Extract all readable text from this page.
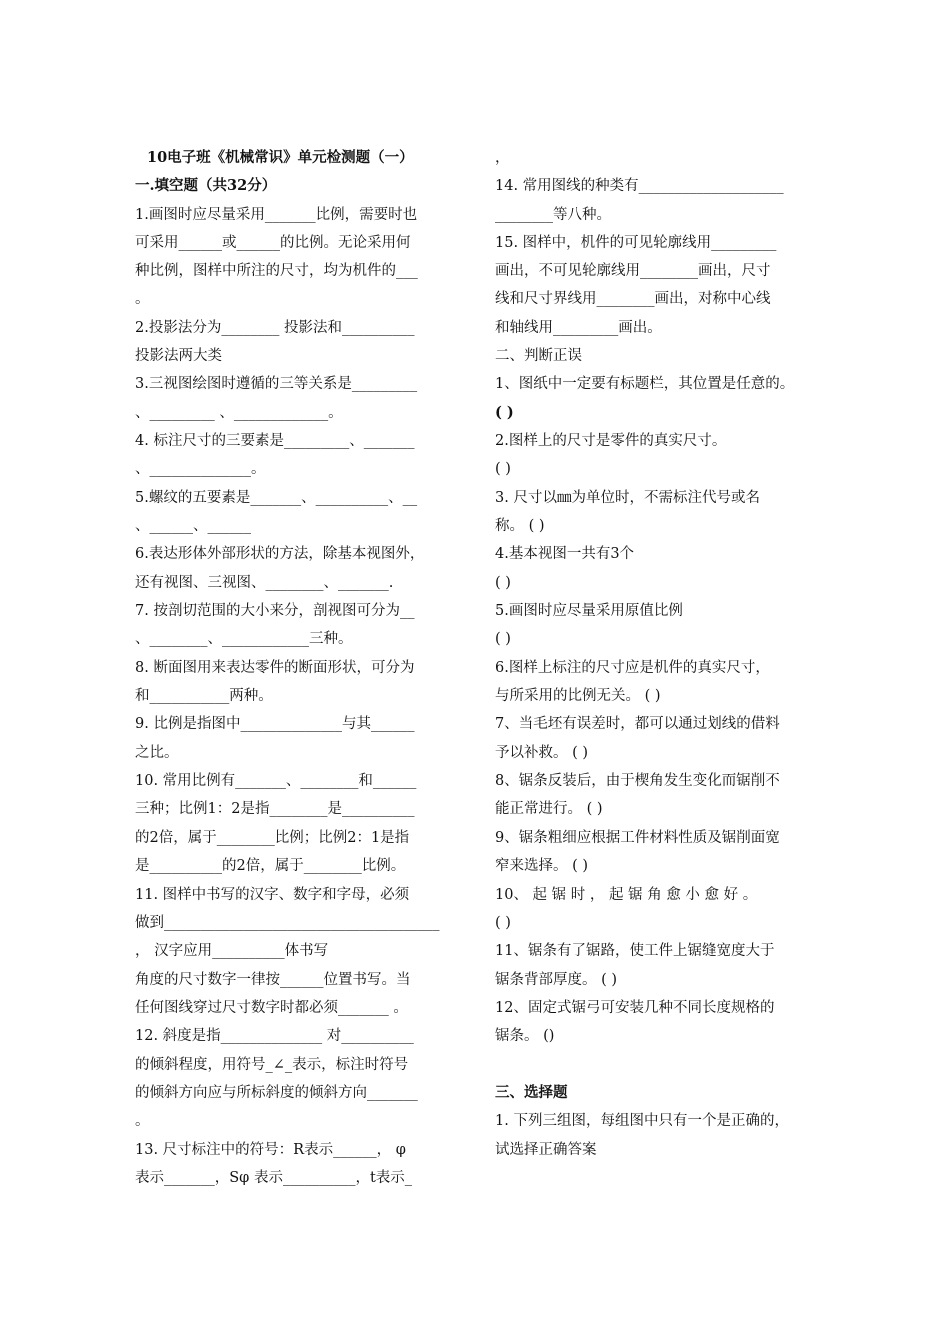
10电子班《机械常识》单元检测题（一）
一.填空题（共32分）
1.画图时应尽量采用_______比例，需要时也
可采用______或______的比例。无论采用何
种比例，图样中所注的尺寸，均为机件的___
。
2.投影法分为________ 投影法和__________
投影法两大类
3.三视图绘图时遵循的三等关系是_________
、_________ 、_____________。
4. 标注尺寸的三要素是_________、_______
、______________。
5.螺纹的五要素是_______、__________、__
、______、______
6.表达形体外部形状的方法，除基本视图外，
还有视图、三视图、________、_______.
7. 按剖切范围的大小来分，剖视图可分为__
、________、____________三种。
8. 断面图用来表达零件的断面形状，可分为
和___________两种。
9. 比例是指图中______________与其______
之比。
10. 常用比例有_______、________和______
三种；比例1：2是指________是__________
的2倍，属于________比例；比例2：1是指
是__________的2倍，属于________比例。
11. 图样中书写的汉字、数字和字母，必须
做到______________________________________
， 汉字应用__________体书写
角度的尺寸数字一律按______位置书写。当
任何图线穿过尺寸数字时都必须_______ 。
12. 斜度是指______________ 对__________
的倾斜程度，用符号_∠_表示，标注时符号
的倾斜方向应与所标斜度的倾斜方向_______
。
13. 尺寸标注中的符号：R表示______， φ
表示_______，Sφ 表示__________，t表示_
，
14. 常用图线的种类有____________________
________等八种。
15. 图样中，机件的可见轮廓线用_________
画出，不可见轮廓线用________画出，尺寸
线和尺寸界线用________画出，对称中心线
和轴线用_________画出。
二、判断正误
1、图纸中一定要有标题栏，其位置是任意的。
( )
2.图样上的尺寸是零件的真实尺寸。
( )
3. 尺寸以㎜为单位时，不需标注代号或名
称。 ( )
4.基本视图一共有3个
( )
5.画图时应尽量采用原值比例
( )
6.图样上标注的尺寸应是机件的真实尺寸，
与所采用的比例无关。 ( )
7、当毛坯有误差时，都可以通过划线的借料
予以补救。 ( )
8、锯条反装后，由于楔角发生变化而锯削不
能正常进行。 ( )
9、锯条粗细应根据工件材料性质及锯削面宽
窄来选择。 ( )
10、 起 锯 时 ， 起 锯 角 愈 小 愈 好 。
( )
11、锯条有了锯路，使工件上锯缝宽度大于
锯条背部厚度。 ( )
12、固定式锯弓可安装几种不同长度规格的
锯条。 ()
三、选择题
1. 下列三组图，每组图中只有一个是正确的，
试选择正确答案
